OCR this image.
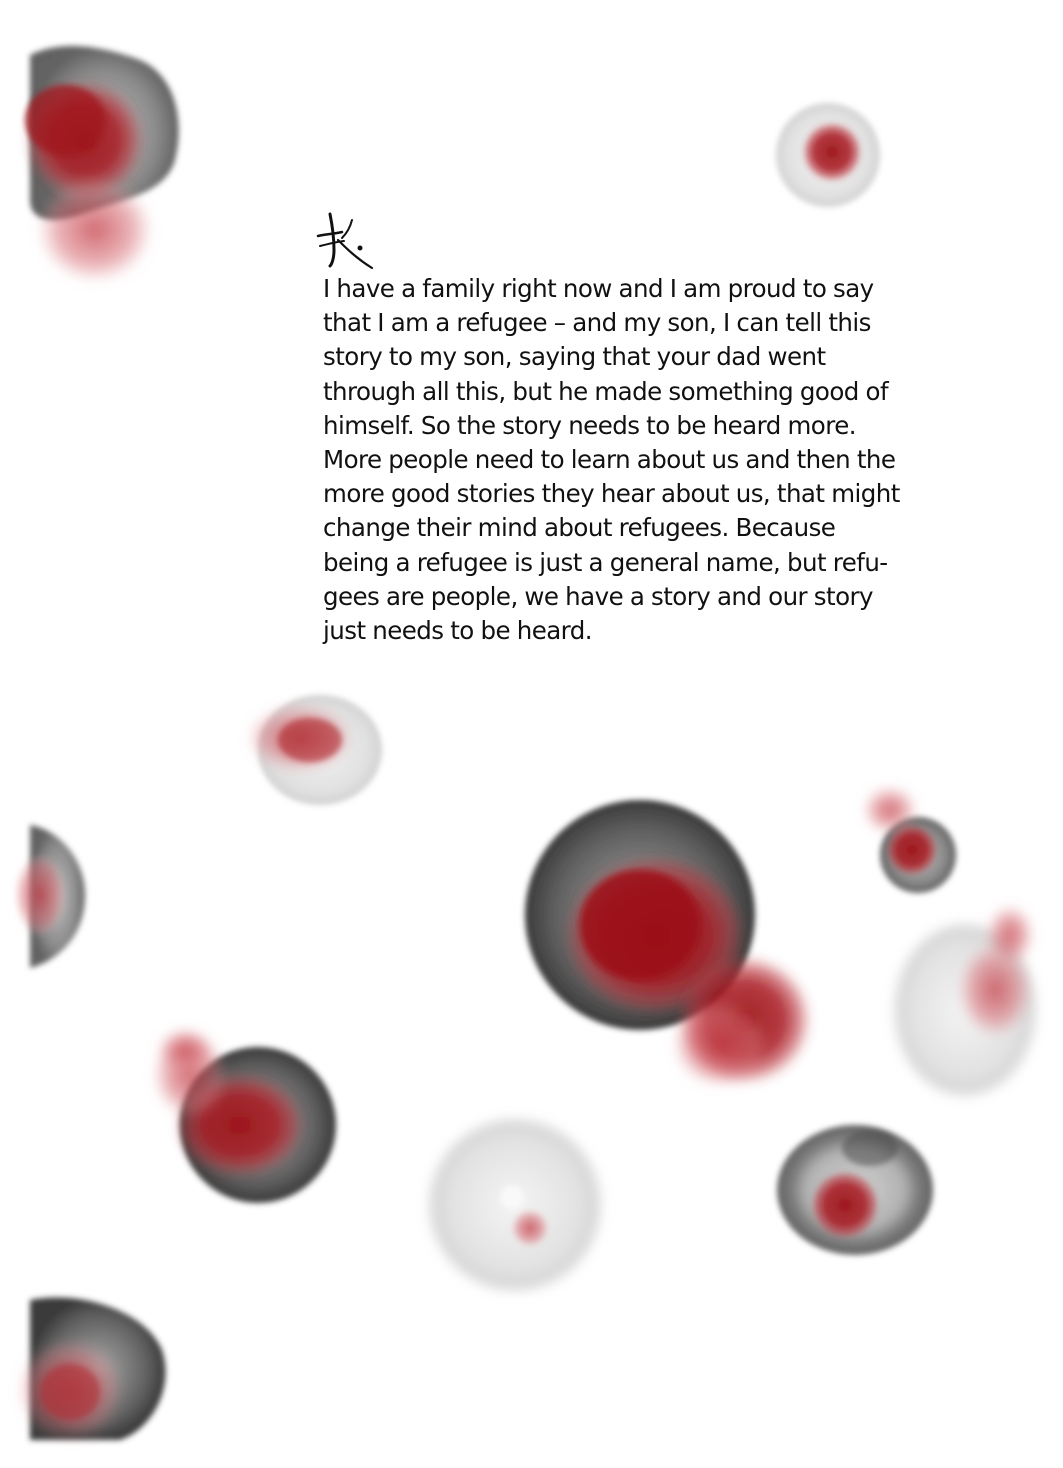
I have a family right now and I am proud to say
that I am a refugee – and my son, I can tell this
story to my son, saying that your dad went
through all this, but he made something good of
himself. So the story needs to be heard more.
More people need to learn about us and then the
more good stories they hear about us, that might
change their mind about refugees. Because
being a refugee is just a general name, but refu-
gees are people, we have a story and our story
just needs to be heard.
